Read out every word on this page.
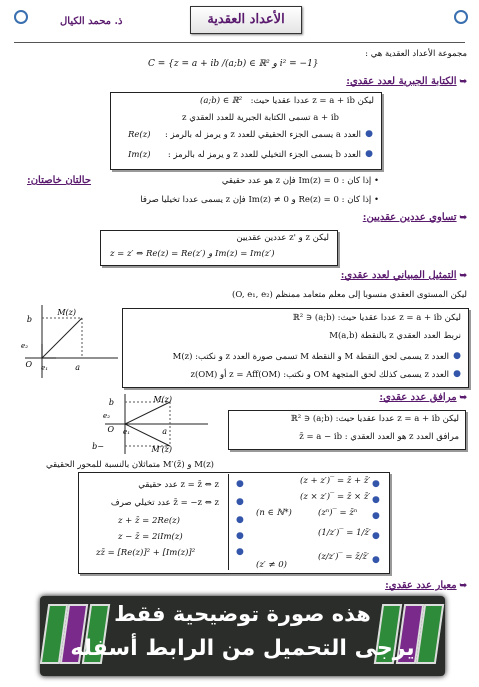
الأعداد العقدية
ذ. محمد الكيال
مجموعة الأعداد العقدية هي :
C = {z = a + ib /(a;b) ∈ ℝ² و i² = −1}
➥ الكتابة الجبرية لعدد عقدي:
ليكن z = a + ib عددا عقديا حيث:
(a;b) ∈ ℝ²
a + ib تسمى الكتابة الجبرية للعدد العقدي z
العدد a يسمى الجزء الحقيقي للعدد z و يرمز له بالرمز :
Re(z)	●
العدد b يسمى الجزء التخيلي للعدد z و يرمز له بالرمز :
Im(z)	●
حالتان خاصتان:	• إذا كان : Im(z) = 0 فإن z هو عدد حقيقي
• إذا كان : Re(z) = 0 و Im(z) ≠ 0 فإن z يسمى عددا تخيليا صرفا
➥ تساوي عددين عقديين:
ليكن z و 'z عددين عقديين
z = z′ ⇔ Re(z) = Re(z′) و Im(z) = Im(z′)
➥ التمثيل المبياني لعدد عقدي:
ليكن المستوى العقدي منسوبا إلى معلم متعامد ممنظم (O, e₁, e₂)
ليكن z = a + ib عددا عقديا حيث: (a;b) ∈ ℝ²
نربط العدد العقدي z بالنقطة M(a,b)
●
العدد z يسمى لحق النقطة M و النقطة M تسمى صورة العدد z و نكتب: M(z)
●
العدد z يسمى كذلك لحق المتجهة OM و نكتب: z = Aff(OM) أو (OM)z
M(z)
b
e₂
O e₁	a
➥ مرافق عدد عقدي:
ليكن z = a + ib عددا عقديا حيث: (a;b) ∈ ℝ²
مرافق العدد z هو العدد العقدي : z̄ = a − ib
M(z) و M′(z̄) متماثلان بالنسبة للمحور الحقيقي
M(z)
b
e₂
O e₁	a
−b	M′(z̄)
z = z̄ ⇔ z عدد حقيقي
z̄ = −z ⇔ z عدد تخيلي صرف
z + z̄ = 2Re(z)
z − z̄ = 2iIm(z)
zz̄ = [Re(z)]² + [Im(z)]²
●
●
●
●
●
(z + z′)‾ = z̄ + z̄′
(z × z′)‾ = z̄ × z̄′
(zⁿ)‾ = z̄ⁿ
(1/z′)‾ = 1/z̄′
(z/z′)‾ = z̄/z̄′
(n ∈ ℕ*)
(z′ ≠ 0)
●
●
●
●
●
➥ معيار عدد عقدي:
هذه صورة توضيحية فقط
يرجى التحميل من الرابط أسفله
